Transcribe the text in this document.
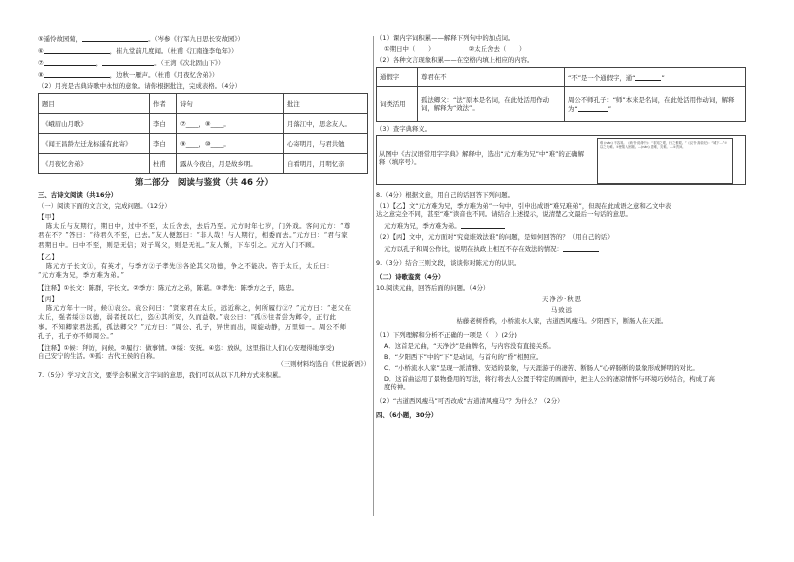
⑤遥怜故园菊，	。（岑参《行军九日思长安故园》）

⑥	，崔九堂前几度闻。（杜甫《江南逢李龟年》）

⑦	，	。（王湾《次北固山下》）

⑧	，边秋一雁声。（杜甫《月夜忆舍弟》）

（2）月亮是古典诗歌中永恒的意象。请你根据批注，完成表格。（4分）

题目	作者	诗句	批注
《峨眉山月歌》	李白	⑦____，⑧____。	月落江中，思念友人。
《闻王昌龄左迁龙标遥有此寄》	李白	⑨____，⑩____。	心寄明月，与君共勉
《月夜忆舍弟》	杜甫	露从今夜白，月是故乡明。	自看明月，月明忆亲

第二部分　阅读与鉴赏（共 46 分）

三、古诗文阅读（共16分）

（一）阅读下面的文言文，完成问题。（12分）

【甲】

陈太丘与友期行，期日中，过中不至，太丘舍去，去后乃至。元方时年七岁，门外戏。客问元方：“尊

君在不？”答曰：“待君久不至，已去。”友人便怒曰：“非人哉！与人期行，相委而去。”元方曰：“君与家

君期日中。日中不至，则是无信；对子骂父，则是无礼。”友人惭，下车引之。元方入门不顾。

【乙】

陈元方子长文①，有英才，与季方②子孝先③各论其父功德，争之不能决。咨于太丘，太丘曰：

“元方难为兄，季方难为弟。”

【注释】①长文：陈群，字长文。②季方：陈元方之弟，陈谌。③孝先：陈季方之子，陈忠。

【丙】

陈元方年十一时，候①袁公。袁公问曰：“贤家君在太丘，远近称之，何所履行②？”元方曰：“老父在

太丘，强者绥③以德，弱者抚以仁，恣④其所安，久而益敬。”袁公曰：“孤⑤往者尝为邺令，正行此

事。不知卿家君法孤，孤法卿父？”元方曰：“周公、孔子，异世而出，周旋动静，万里如一。周公不师

孔子，孔子亦不师周公。”

【注释】①候：拜访，问候。②履行：做事情。③绥：安抚。④恣：放纵，这里指让人们(心安理得地享受)

自己安宁的生活。⑤孤：古代王侯的自称。

（三则材料均选自《世说新语》）

7.（5分）学习文言文，要学会积累文言字词的意思，我们可以从以下几种方式来积累。

（1）课内字词积累——解释下列句中的加点词。

①期日中（　　）	②太丘舍去（　　）

（2）各种文言现象积累——在空格内填上相应的内容。

通假字	尊君在不	“不”是一个通假字，通“ ”
词类活用	孤法卿父：“法”原本是名词，在此处活用作动词，解释为“效法”。	周公不师孔子：“师”本来是名词，在此处活用作动词，解释为“ ”

（3）查字典释义。

从图中《古汉语常用字字典》解释中，选出“元方难为兄”中“难”的正确解释（填序号）。

难 (nán) 不容易。《尚书·说命中》：“非知之艰，行之惟艰。”《汉书·高帝纪》：“城下…”②以之为难。③使陷入困境。…(nàn) 患难，灾难。…④责问。

8.（4分）根据文意，用自己的话回答下列问题。

（1）【乙】文“元方难为兄，季方难为弟”一句中，引申出成语“难兄难弟”，但现在此成语之意和乙文中表

达之意完全不同，甚至“难”读音也不同。请结合上述提示，说清楚乙文最后一句话的意思。

元方难为兄，季方难为弟。

（2）【丙】文中，元方面对“究竟谁效法谁”的问题，是如何回答的？（用自己的话）

元方以孔子和周公作比，说明在执政上相互不存在效法的情况：

9.（3分）结合三则文段，谈谈你对陈元方的认识。

（二）诗歌鉴赏（4分）

10.阅读元曲，回答后面的问题。（4分）

天净沙·秋思

马致远

枯藤老树昏鸦，小桥流水人家，古道西风瘦马。夕阳西下，断肠人在天涯。

（1）下列理解和分析不正确的一项是（　）(2分)

A．这首是元曲，“天净沙”是曲牌名，与内容没有直接关系。

B．“夕阳西下”中的“下”是动词，与首句的“昏”相照应。

C．“小桥流水人家”呈现一派清雅、安适的景象，与天涯游子的凄苦、断肠人”心碎肠断的景象形成鲜明的对比。

D．这首曲运用了景物叠用的写法，将行将去人公置于特定的画面中，把主人公的凄凉情怀与环境巧妙结合，构成了高

度传神。

（2）“古道西风瘦马”可否改成“古道清风瘦马”？为什么？（2分）

四、（6小题，30分）
